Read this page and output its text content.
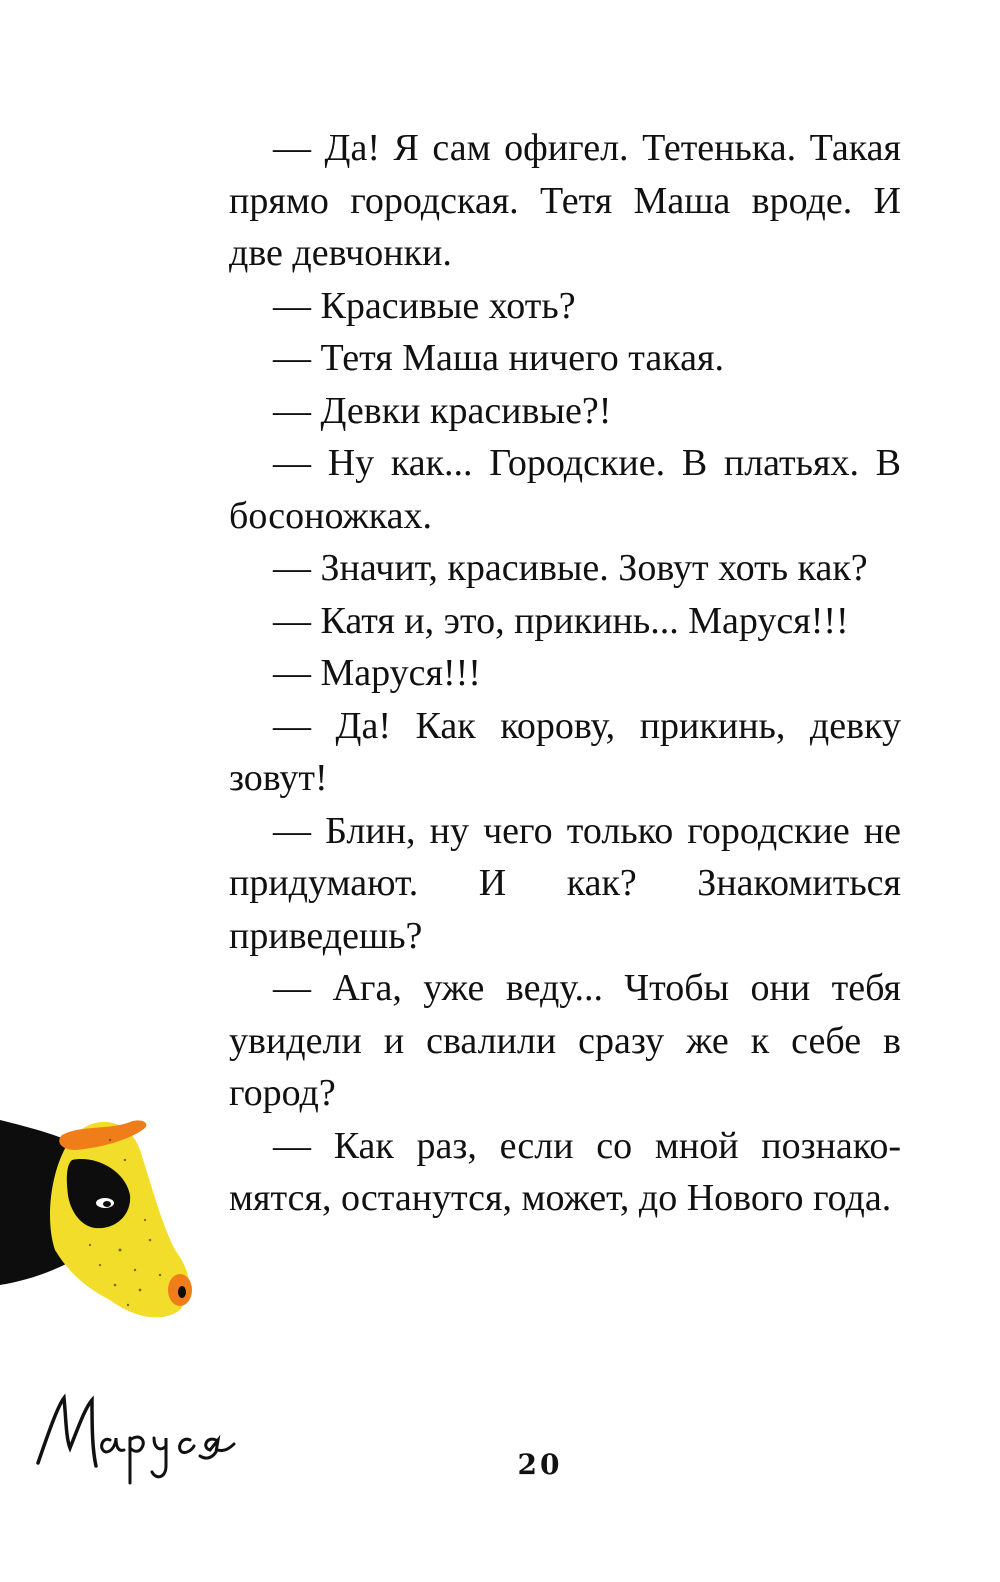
— Да! Я сам офигел. Тетенька. Такая прямо городская. Тетя Маша вроде. И две девчонки.

— Красивые хоть?

— Тетя Маша ничего такая.

— Девки красивые?!

— Ну как... Городские. В платьях. В босоножках.

— Значит, красивые. Зовут хоть как?

— Катя и, это, прикинь... Маруся!!!

— Маруся!!!

— Да! Как корову, прикинь, девку зовут!

— Блин, ну чего только городские не придумают. И как? Знакомиться приведешь?

— Ага, уже веду... Чтобы они тебя увидели и свалили сразу же к себе в город?

— Как раз, если со мной познакомятся, останутся, может, до Нового года.

20
